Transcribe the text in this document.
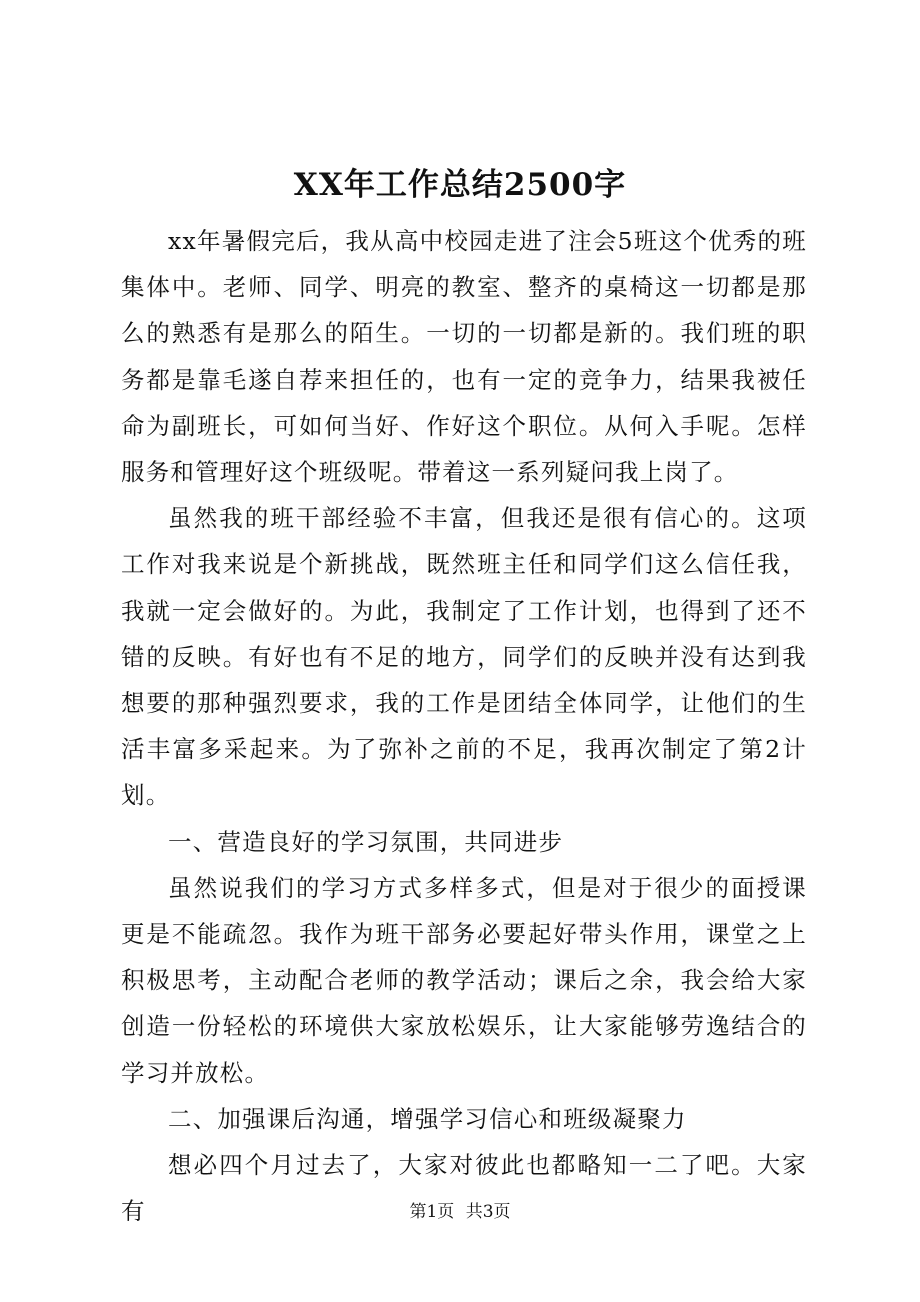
XX年工作总结2500字

xx年暑假完后，我从高中校园走进了注会5班这个优秀的班集体中。老师、同学、明亮的教室、整齐的桌椅这一切都是那么的熟悉有是那么的陌生。一切的一切都是新的。我们班的职务都是靠毛遂自荐来担任的，也有一定的竞争力，结果我被任命为副班长，可如何当好、作好这个职位。从何入手呢。怎样服务和管理好这个班级呢。带着这一系列疑问我上岗了。

虽然我的班干部经验不丰富，但我还是很有信心的。这项工作对我来说是个新挑战，既然班主任和同学们这么信任我，我就一定会做好的。为此，我制定了工作计划，也得到了还不错的反映。有好也有不足的地方，同学们的反映并没有达到我想要的那种强烈要求，我的工作是团结全体同学，让他们的生活丰富多采起来。为了弥补之前的不足，我再次制定了第2计划。

一、营造良好的学习氛围，共同进步

虽然说我们的学习方式多样多式，但是对于很少的面授课更是不能疏忽。我作为班干部务必要起好带头作用，课堂之上积极思考，主动配合老师的教学活动；课后之余，我会给大家创造一份轻松的环境供大家放松娱乐，让大家能够劳逸结合的学习并放松。

二、加强课后沟通，增强学习信心和班级凝聚力

想必四个月过去了，大家对彼此也都略知一二了吧。大家有	第1页 共3页
